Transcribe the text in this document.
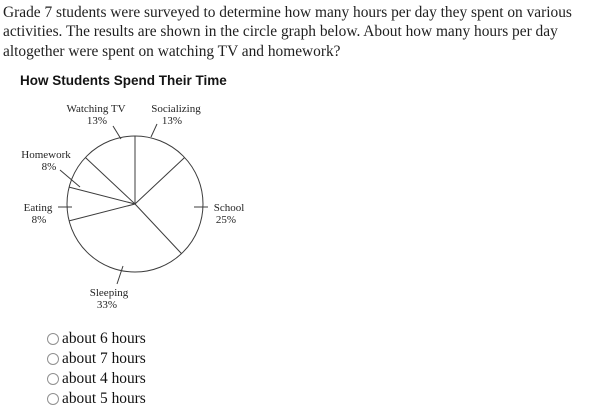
Grade 7 students were surveyed to determine how many hours per day they spent on various
activities. The results are shown in the circle graph below. About how many hours per day
altogether were spent on watching TV and homework?
How Students Spend Their Time
Watching TV
13%
Socializing
13%
Homework
8%
Eating
8%
School
25%
Sleeping
33%
about 6 hours
about 7 hours
about 4 hours
about 5 hours
